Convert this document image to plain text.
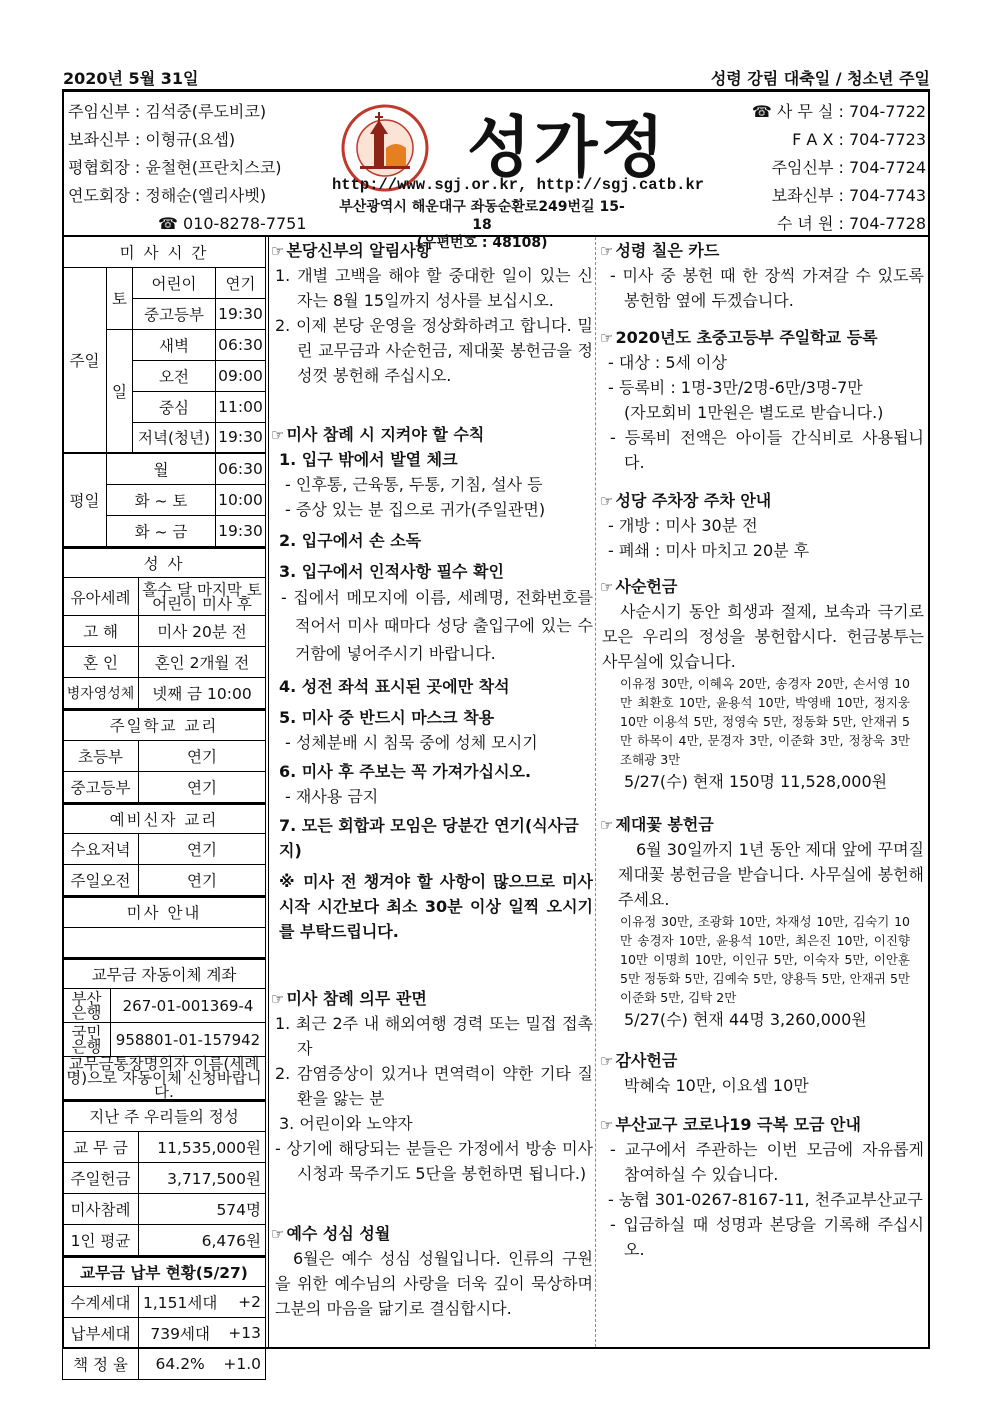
2020년 5월 31일	성령 강림 대축일 / 청소년 주일
주임신부 : 김석중(루도비코)
보좌신부 : 이형규(요셉)
평협회장 : 윤철현(프란치스코)
연도회장 : 정해순(엘리사벳)
☎ 010-8278-7751
성가정
http://www.sgj.or.kr, http://sgj.catb.kr
부산광역시 해운대구 좌동순환로249번길 15-18
(우편번호 : 48108)
☎ 사 무 실 : 704-7722
F A X : 704-7723
주임신부 : 704-7724
보좌신부 : 704-7743
수 녀 원 : 704-7728
미 사 시 간			
주일	토	어린이	연기
		중고등부	19:30
	일	새벽	06:30
		오전	09:00
		중심	11:00
		저녁(청년)	19:30
평일	월		06:30
	화 ~ 토		10:00
	화 ~ 금		19:30
성 사	
유아세례	홀수 달 마지막 토 어린이 미사 후
고 해	미사 20분 전
혼 인	혼인 2개월 전
병자영성체	넷째 금 10:00
주일학교 교리	
초등부	연기
중고등부	연기
예비신자 교리	
수요저녁	연기
주일오전	연기
미사 안내

교무금 자동이체 계좌	
부산 은행	267-01-001369-4
국민 은행	958801-01-157942
교무금통장명의자 이름(세례명)으로 자동이체 신청바랍니다.	
지난 주 우리들의 정성	
교 무 금	11,535,000원
주일헌금	3,717,500원
미사참례	574명
1인 평균	6,476원
교무금 납부 현황(5/27)		
수계세대	1,151세대	+2
납부세대	739세대	+13
책 정 율	64.2%	+1.0
☞ 본당신부의 알림사항
1. 개별 고백을 해야 할 중대한 일이 있는 신자는 8월 15일까지 성사를 보십시오.
2. 이제 본당 운영을 정상화하려고 합니다. 밀린 교무금과 사순헌금, 제대꽃 봉헌금을 정성껏 봉헌해 주십시오.
☞ 미사 참례 시 지켜야 할 수칙
1. 입구 밖에서 발열 체크
- 인후통, 근육통, 두통, 기침, 설사 등
- 증상 있는 분 집으로 귀가(주일관면)
2. 입구에서 손 소독
3. 입구에서 인적사항 필수 확인
- 집에서 메모지에 이름, 세례명, 전화번호를 적어서 미사 때마다 성당 출입구에 있는 수거함에 넣어주시기 바랍니다.
4. 성전 좌석 표시된 곳에만 착석
5. 미사 중 반드시 마스크 착용
- 성체분배 시 침묵 중에 성체 모시기
6. 미사 후 주보는 꼭 가져가십시오.
- 재사용 금지
7. 모든 회합과 모임은 당분간 연기(식사금지)
※ 미사 전 챙겨야 할 사항이 많으므로 미사 시작 시간보다 최소 30분 이상 일찍 오시기를 부탁드립니다.
☞ 미사 참례 의무 관면
1. 최근 2주 내 해외여행 경력 또는 밀접 접촉자
2. 감염증상이 있거나 면역력이 약한 기타 질환을 앓는 분
3. 어린이와 노약자
- 상기에 해당되는 분들은 가정에서 방송 미사 시청과 묵주기도 5단을 봉헌하면 됩니다.)
☞ 예수 성심 성월
6월은 예수 성심 성월입니다. 인류의 구원을 위한 예수님의 사랑을 더욱 깊이 묵상하며 그분의 마음을 닮기로 결심합시다.
☞ 성령 칠은 카드
- 미사 중 봉헌 때 한 장씩 가져갈 수 있도록 봉헌함 옆에 두겠습니다.
☞ 2020년도 초중고등부 주일학교 등록
- 대상 : 5세 이상
- 등록비 : 1명-3만/2명-6만/3명-7만
(자모회비 1만원은 별도로 받습니다.)
- 등록비 전액은 아이들 간식비로 사용됩니다.
☞ 성당 주차장 주차 안내
- 개방 : 미사 30분 전
- 폐쇄 : 미사 마치고 20분 후
☞ 사순헌금
사순시기 동안 희생과 절제, 보속과 극기로 모은 우리의 정성을 봉헌합시다. 헌금봉투는 사무실에 있습니다.
이유정 30만, 이혜옥 20만, 송경자 20만, 손서영 10만 최환호 10만, 윤용석 10만, 박영배 10만, 정지웅 10만 이용석 5만, 정영숙 5만, 정동화 5만, 안재귀 5만 하목이 4만, 문경자 3만, 이준화 3만, 정창욱 3만 조해광 3만
5/27(수) 현재 150명 11,528,000원
☞ 제대꽃 봉헌금
6월 30일까지 1년 동안 제대 앞에 꾸며질 제대꽃 봉헌금을 받습니다. 사무실에 봉헌해 주세요.
이유정 30만, 조광화 10만, 차재성 10만, 김숙기 10만 송경자 10만, 윤용석 10만, 최은진 10만, 이진향 10만 이명희 10만, 이인규 5만, 이숙자 5만, 이안훈 5만 정동화 5만, 김예숙 5만, 양용득 5만, 안재귀 5만 이준화 5만, 김탁 2만
5/27(수) 현재 44명 3,260,000원
☞ 감사헌금
박혜숙 10만, 이요셉 10만
☞ 부산교구 코로나19 극복 모금 안내
- 교구에서 주관하는 이번 모금에 자유롭게 참여하실 수 있습니다.
- 농협 301-0267-8167-11, 천주교부산교구
- 입금하실 때 성명과 본당을 기록해 주십시오.
